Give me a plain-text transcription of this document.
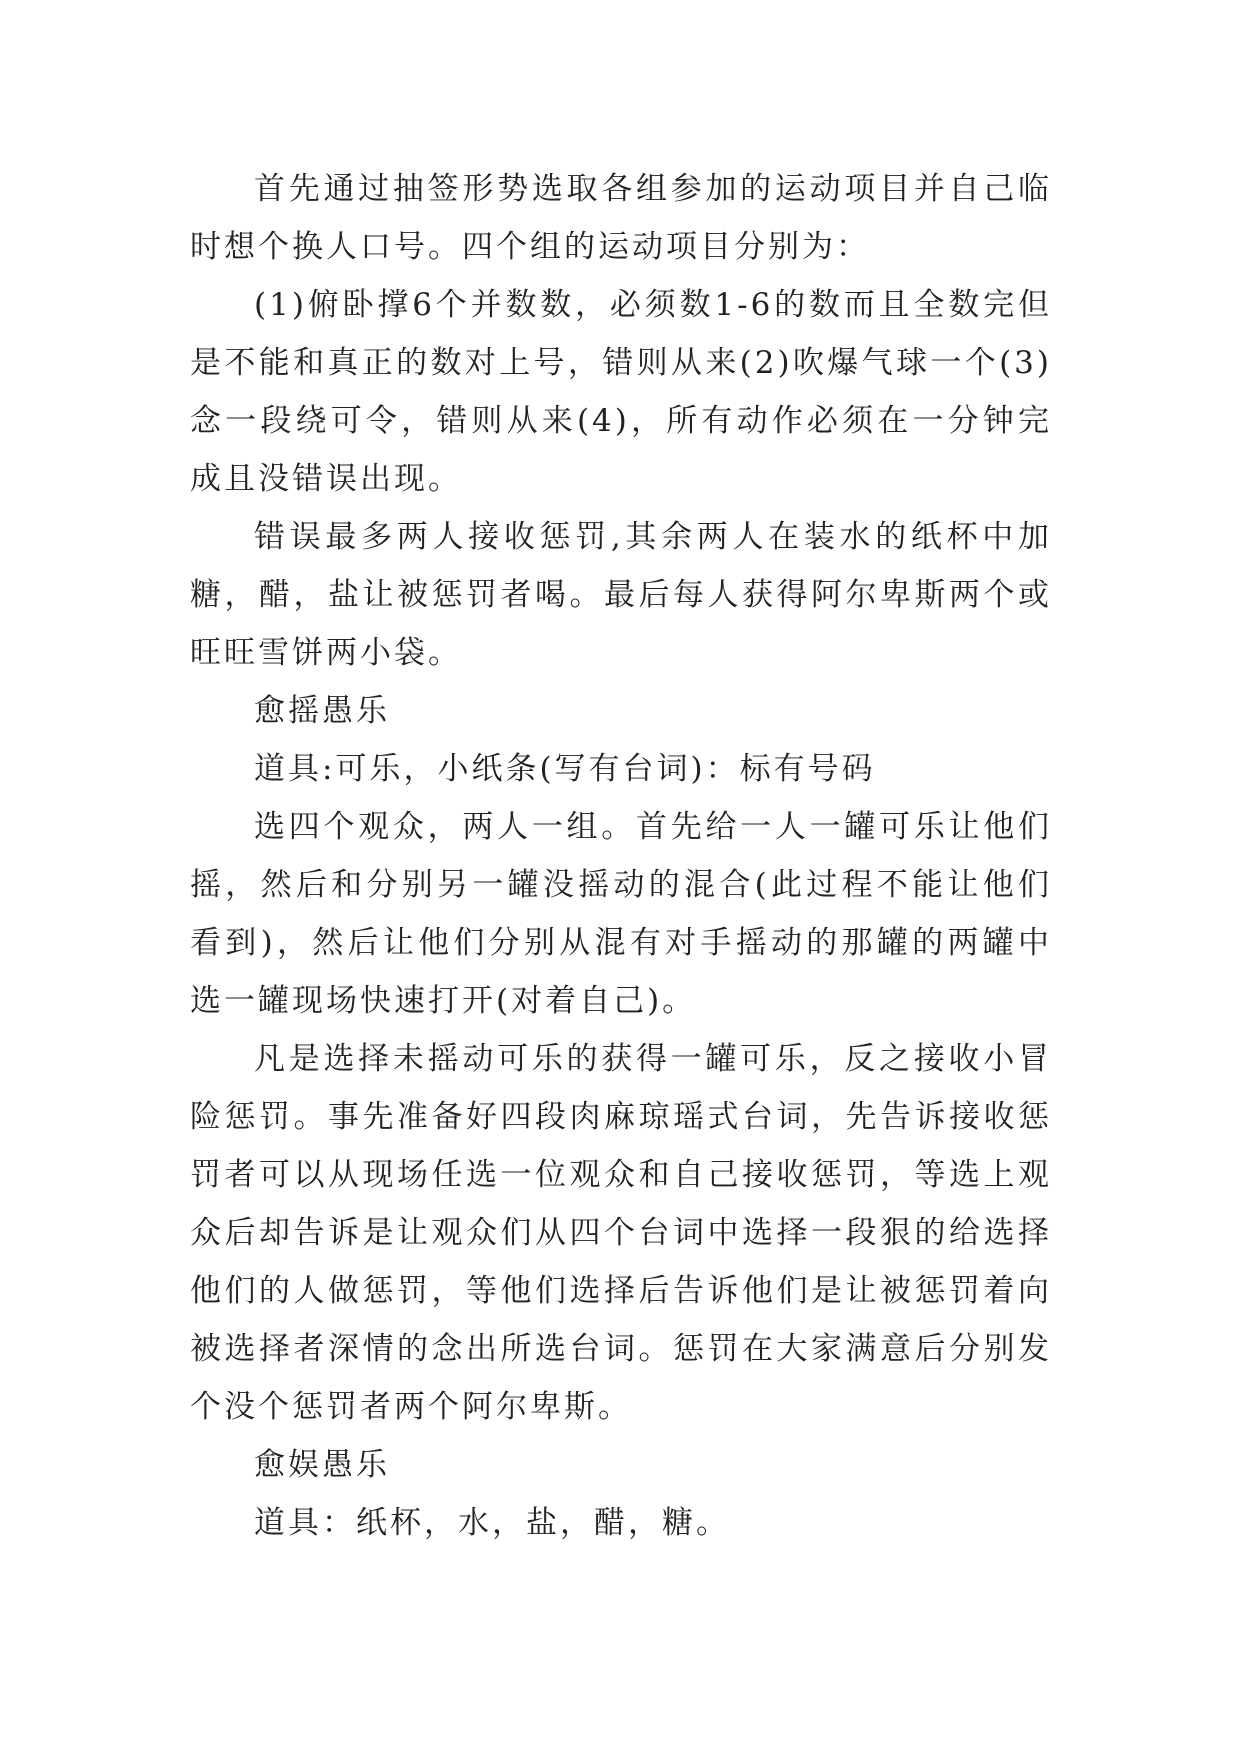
首先通过抽签形势选取各组参加的运动项目并自己临时想个换人口号。四个组的运动项目分别为：

(1)俯卧撑6个并数数，必须数1-6的数而且全数完但是不能和真正的数对上号，错则从来(2)吹爆气球一个(3)念一段绕可令，错则从来(4)，所有动作必须在一分钟完成且没错误出现。

错误最多两人接收惩罚,其余两人在装水的纸杯中加糖，醋，盐让被惩罚者喝。最后每人获得阿尔卑斯两个或旺旺雪饼两小袋。

愈摇愚乐

道具:可乐，小纸条(写有台词)：标有号码

选四个观众，两人一组。首先给一人一罐可乐让他们摇，然后和分别另一罐没摇动的混合(此过程不能让他们看到)，然后让他们分别从混有对手摇动的那罐的两罐中选一罐现场快速打开(对着自己)。

凡是选择未摇动可乐的获得一罐可乐，反之接收小冒险惩罚。事先准备好四段肉麻琼瑶式台词，先告诉接收惩罚者可以从现场任选一位观众和自己接收惩罚，等选上观众后却告诉是让观众们从四个台词中选择一段狠的给选择他们的人做惩罚，等他们选择后告诉他们是让被惩罚着向被选择者深情的念出所选台词。惩罚在大家满意后分别发个没个惩罚者两个阿尔卑斯。

愈娱愚乐

道具：纸杯，水，盐，醋，糖。
